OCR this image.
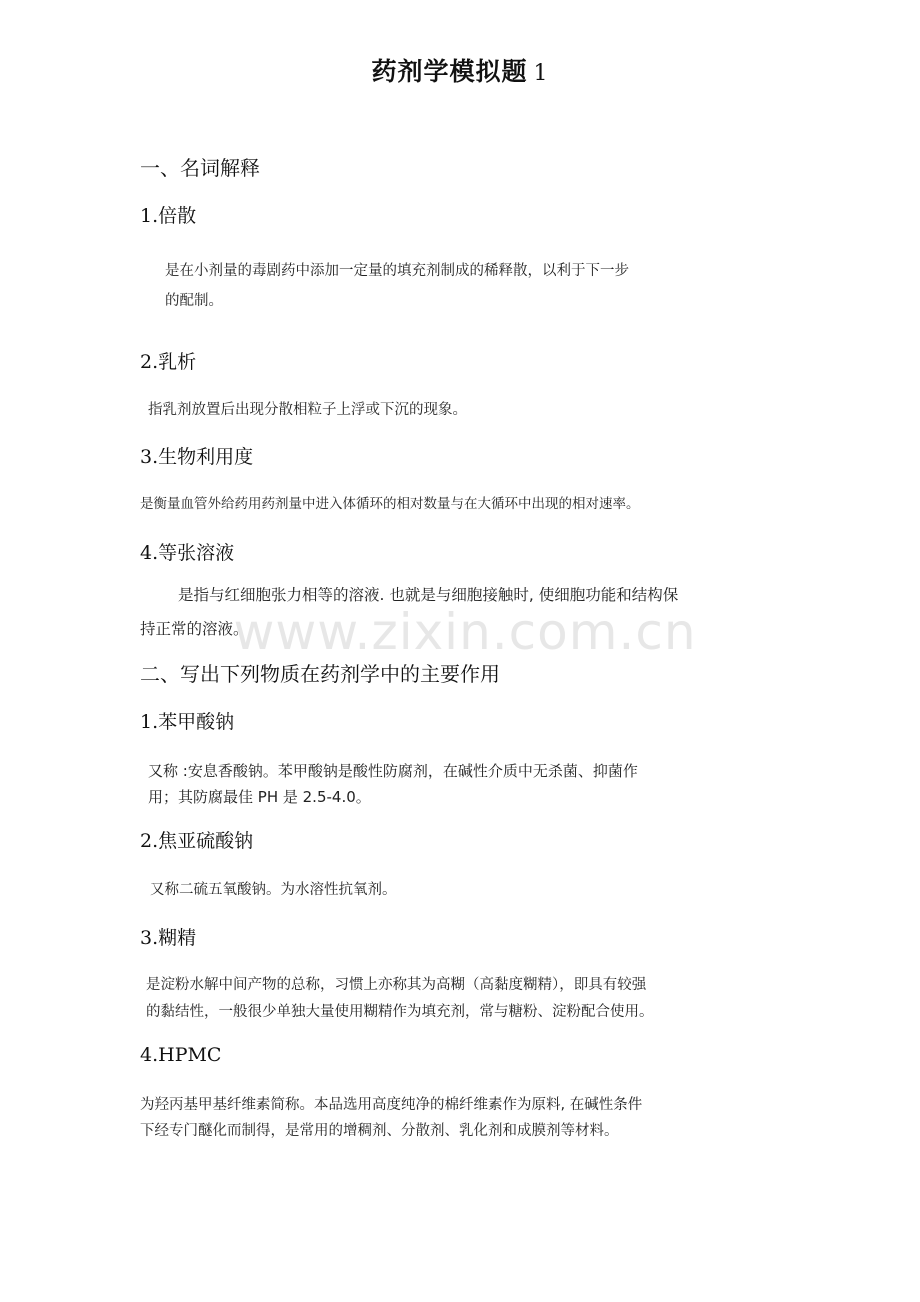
药剂学模拟题 1
一、名词解释
1.倍散

是在小剂量的毒剧药中添加一定量的填充剂制成的稀释散，以利于下一步

的配制。

2.乳析

指乳剂放置后出现分散相粒子上浮或下沉的现象。

3.生物利用度

是衡量血管外给药用药剂量中进入体循环的相对数量与在大循环中出现的相对速率。

4.等张溶液

是指与红细胞张力相等的溶液. 也就是与细胞接触时, 使细胞功能和结构保

持正常的溶液。

二、写出下列物质在药剂学中的主要作用
1.苯甲酸钠

又称 :安息香酸钠。苯甲酸钠是酸性防腐剂，在碱性介质中无杀菌、抑菌作

用；其防腐最佳 PH 是 2.5-4.0。

2.焦亚硫酸钠

又称二硫五氧酸钠。为水溶性抗氧剂。

3.糊精

是淀粉水解中间产物的总称，习惯上亦称其为高糊（高黏度糊精），即具有较强

的黏结性，一般很少单独大量使用糊精作为填充剂，常与糖粉、淀粉配合使用。

4.HPMC

为羟丙基甲基纤维素简称。本品选用高度纯净的棉纤维素作为原料, 在碱性条件

下经专门醚化而制得，是常用的增稠剂、分散剂、乳化剂和成膜剂等材料。

www.zixin.com.cn
